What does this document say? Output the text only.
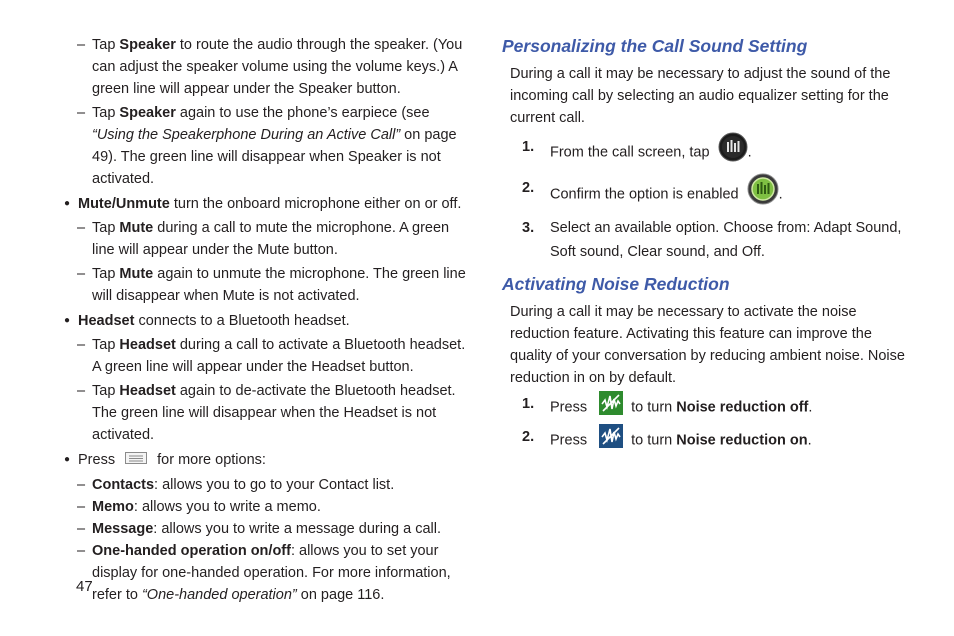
– Tap Speaker to route the audio through the speaker. (You can adjust the speaker volume using the volume keys.) A green line will appear under the Speaker button.
– Tap Speaker again to use the phone’s earpiece (see “Using the Speakerphone During an Active Call” on page 49). The green line will disappear when Speaker is not activated.
● Mute/Unmute turn the onboard microphone either on or off.
– Tap Mute during a call to mute the microphone. A green line will appear under the Mute button.
– Tap Mute again to unmute the microphone. The green line will disappear when Mute is not activated.
● Headset connects to a Bluetooth headset.
– Tap Headset during a call to activate a Bluetooth headset. A green line will appear under the Headset button.
– Tap Headset again to de-activate the Bluetooth headset. The green line will disappear when the Headset is not activated.
● Press	for more options:
– Contacts: allows you to go to your Contact list.
– Memo: allows you to write a memo.
– Message: allows you to write a message during a call.
– One-handed operation on/off: allows you to set your display for one-handed operation. For more information, refer to “One-handed operation” on page 116.
Personalizing the Call Sound Setting
During a call it may be necessary to adjust the sound of the incoming call by selecting an audio equalizer setting for the current call.
1. From the call screen, tap	.
2. Confirm the option is enabled	.
3. Select an available option. Choose from: Adapt Sound, Soft sound, Clear sound, and Off.
Activating Noise Reduction
During a call it may be necessary to activate the noise reduction feature. Activating this feature can improve the quality of your conversation by reducing ambient noise. Noise reduction in on by default.
1. Press	to turn Noise reduction off.
2. Press	to turn Noise reduction on.
47
